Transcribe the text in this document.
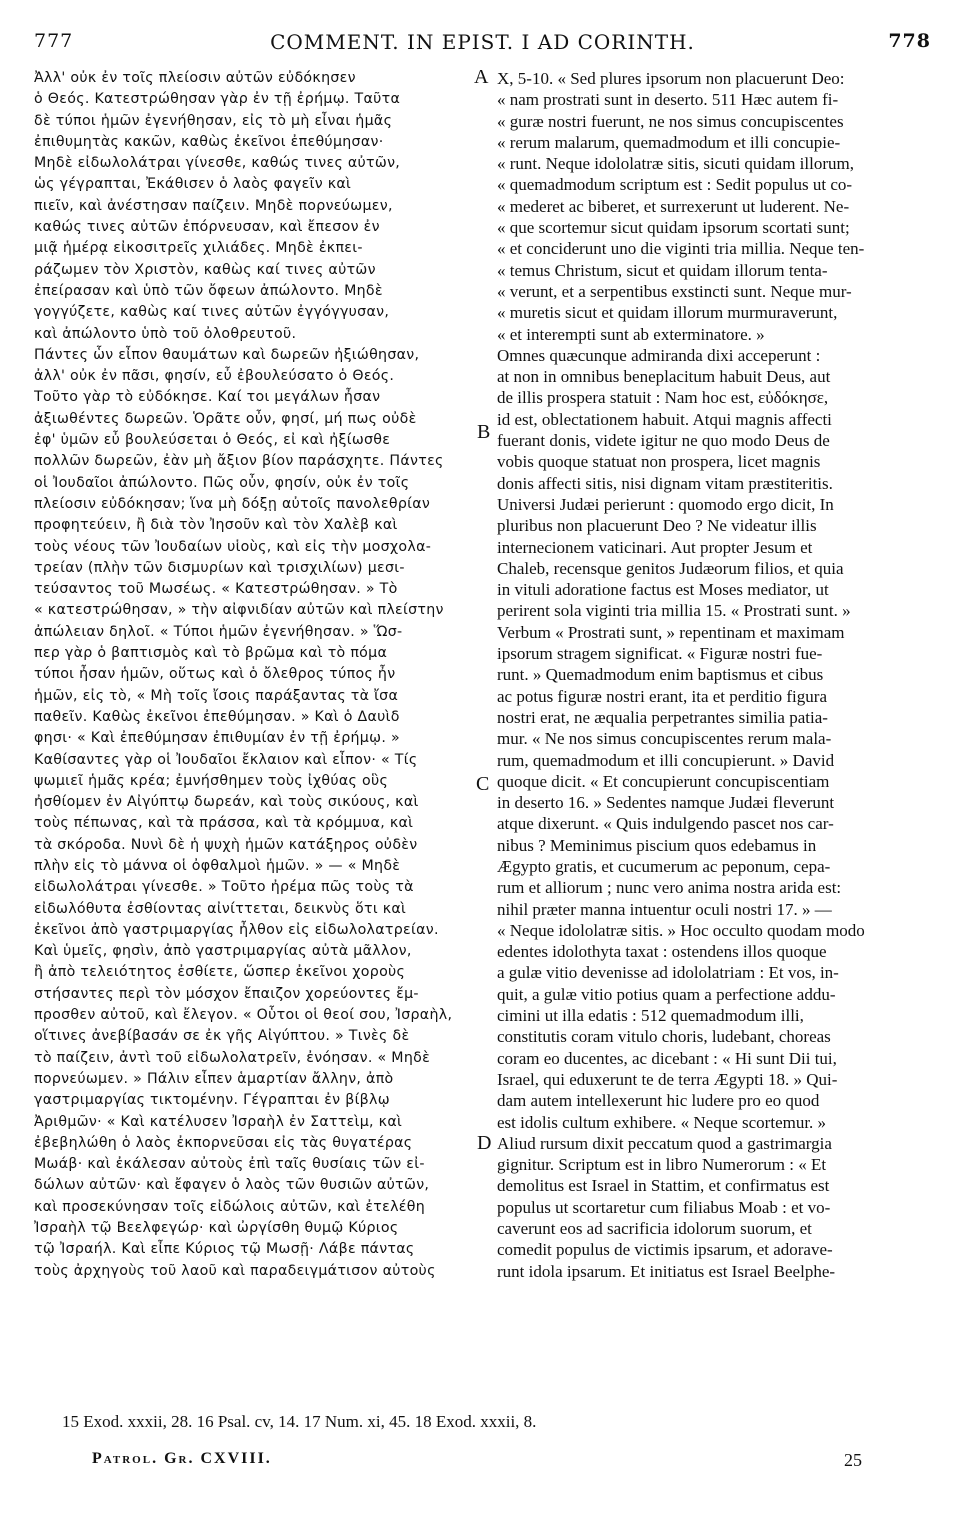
777	COMMENT. IN EPIST. I AD CORINTH.	778
Ἀλλ' οὐκ ἐν τοῖς πλείοσιν αὐτῶν εὐδόκησεν
ὁ Θεός. Κατεστρώθησαν γὰρ ἐν τῇ ἐρήμῳ. Ταῦτα
δὲ τύποι ἡμῶν ἐγενήθησαν, εἰς τὸ μὴ εἶναι ἡμᾶς
ἐπιθυμητὰς κακῶν, καθὼς ἐκεῖνοι ἐπεθύμησαν·
Μηδὲ εἰδωλολάτραι γίνεσθε, καθώς τινες αὐτῶν,
ὡς γέγραπται, Ἐκάθισεν ὁ λαὸς φαγεῖν καὶ
πιεῖν, καὶ ἀνέστησαν παίζειν. Μηδὲ πορνεύωμεν,
καθώς τινες αὐτῶν ἐπόρνευσαν, καὶ ἔπεσον ἐν
μιᾷ ἡμέρᾳ εἰκοσιτρεῖς χιλιάδες. Μηδὲ ἐκπει-
ράζωμεν τὸν Χριστὸν, καθὼς καί τινες αὐτῶν
ἐπείρασαν καὶ ὑπὸ τῶν ὄφεων ἀπώλοντο. Μηδὲ
γογγύζετε, καθὼς καί τινες αὐτῶν ἐγγόγγυσαν,
καὶ ἀπώλοντο ὑπὸ τοῦ ὀλοθρευτοῦ.
Πάντες ὧν εἶπον θαυμάτων καὶ δωρεῶν ἠξιώθησαν,
ἀλλ' οὐκ ἐν πᾶσι, φησίν, εὖ ἐβουλεύσατο ὁ Θεός.
Τοῦτο γὰρ τὸ εὐδόκησε. Καί τοι μεγάλων ἦσαν
ἀξιωθέντες δωρεῶν. Ὁρᾶτε οὖν, φησί, μή πως οὐδὲ
ἐφ' ὑμῶν εὖ βουλεύσεται ὁ Θεός, εἰ καὶ ἠξίωσθε
πολλῶν δωρεῶν, ἐὰν μὴ ἄξιον βίον παράσχητε. Πάντες
οἱ Ἰουδαῖοι ἀπώλοντο. Πῶς οὖν, φησίν, οὐκ ἐν τοῖς
πλείοσιν εὐδόκησαν; ἵνα μὴ δόξῃ αὐτοῖς πανολεθρίαν
προφητεύειν, ἢ διὰ τὸν Ἰησοῦν καὶ τὸν Χαλὲβ καὶ
τοὺς νέους τῶν Ἰουδαίων υἱοὺς, καὶ εἰς τὴν μοσχολα-
τρείαν (πλὴν τῶν δισμυρίων καὶ τρισχιλίων) μεσι-
τεύσαντος τοῦ Μωσέως. « Κατεστρώθησαν. » Τὸ
« κατεστρώθησαν, » τὴν αἰφνιδίαν αὐτῶν καὶ πλείστην
ἀπώλειαν δηλοῖ. « Τύποι ἡμῶν ἐγενήθησαν. » Ὥσ-
περ γὰρ ὁ βαπτισμὸς καὶ τὸ βρῶμα καὶ τὸ πόμα
τύποι ἦσαν ἡμῶν, οὕτως καὶ ὁ ὄλεθρος τύπος ἦν
ἡμῶν, εἰς τὸ, « Μὴ τοῖς ἴσοις παράξαντας τὰ ἴσα
παθεῖν. Καθὼς ἐκεῖνοι ἐπεθύμησαν. » Καὶ ὁ Δαυὶδ
φησι· « Καὶ ἐπεθύμησαν ἐπιθυμίαν ἐν τῇ ἐρήμῳ. »
Καθίσαντες γὰρ οἱ Ἰουδαῖοι ἔκλαιον καὶ εἶπον· « Τίς
ψωμιεῖ ἡμᾶς κρέα; ἐμνήσθημεν τοὺς ἰχθύας οὓς
ἠσθίομεν ἐν Αἰγύπτῳ δωρεάν, καὶ τοὺς σικύους, καὶ
τοὺς πέπωνας, καὶ τὰ πράσσα, καὶ τὰ κρόμμυα, καὶ
τὰ σκόροδα. Νυνὶ δὲ ἡ ψυχὴ ἡμῶν κατάξηρος οὐδὲν
πλὴν εἰς τὸ μάννα οἱ ὀφθαλμοὶ ἡμῶν. » — « Μηδὲ
εἰδωλολάτραι γίνεσθε. » Τοῦτο ἠρέμα πῶς τοὺς τὰ
εἰδωλόθυτα ἐσθίοντας αἰνίττεται, δεικνὺς ὅτι καὶ
ἐκεῖνοι ἀπὸ γαστριμαργίας ἦλθον εἰς εἰδωλολατρείαν.
Καὶ ὑμεῖς, φησὶν, ἀπὸ γαστριμαργίας αὐτὰ μᾶλλον,
ἢ ἀπὸ τελειότητος ἐσθίετε, ὥσπερ ἐκεῖνοι χοροὺς
στήσαντες περὶ τὸν μόσχον ἔπαιζον χορεύοντες ἔμ-
προσθεν αὐτοῦ, καὶ ἔλεγον. « Οὗτοι οἱ θεοί σου, Ἰσραὴλ,
οἵτινες ἀνεβίβασάν σε ἐκ γῆς Αἰγύπτου. » Τινὲς δὲ
τὸ παίζειν, ἀντὶ τοῦ εἰδωλολατρεῖν, ἐνόησαν. « Μηδὲ
πορνεύωμεν. » Πάλιν εἶπεν ἁμαρτίαν ἄλλην, ἀπὸ
γαστριμαργίας τικτομένην. Γέγραπται ἐν βίβλῳ
Ἀριθμῶν· « Καὶ κατέλυσεν Ἰσραὴλ ἐν Σαττεὶμ, καὶ
ἐβεβηλώθη ὁ λαὸς ἐκπορνεῦσαι εἰς τὰς θυγατέρας
Μωάβ· καὶ ἐκάλεσαν αὐτοὺς ἐπὶ ταῖς θυσίαις τῶν εἰ-
δώλων αὐτῶν· καὶ ἔφαγεν ὁ λαὸς τῶν θυσιῶν αὐτῶν,
καὶ προσεκύνησαν τοῖς εἰδώλοις αὐτῶν, καὶ ἐτελέθη
Ἰσραὴλ τῷ Βεελφεγώρ· καὶ ὠργίσθη θυμῷ Κύριος
τῷ Ἰσραήλ. Καὶ εἶπε Κύριος τῷ Μωσῇ· Λάβε πάντας
τοὺς ἀρχηγοὺς τοῦ λαοῦ καὶ παραδειγμάτισον αὐτοὺς
X, 5-10. « Sed plures ipsorum non placuerunt Deo:
« nam prostrati sunt in deserto. 511 Hæc autem fi-
« guræ nostri fuerunt, ne nos simus concupiscentes
« rerum malarum, quemadmodum et illi concupie-
« runt. Neque idololatræ sitis, sicuti quidam illorum,
« quemadmodum scriptum est : Sedit populus ut co-
« mederet ac biberet, et surrexerunt ut luderent. Ne-
« que scortemur sicut quidam ipsorum scortati sunt;
« et conciderunt uno die viginti tria millia. Neque ten-
« temus Christum, sicut et quidam illorum tenta-
« verunt, et a serpentibus exstincti sunt. Neque mur-
« muretis sicut et quidam illorum murmuraverunt,
« et interempti sunt ab exterminatore. »
Omnes quæcunque admiranda dixi acceperunt :
at non in omnibus beneplacitum habuit Deus, aut
de illis prospera statuit : Nam hoc est, εὐδόκησε,
id est, oblectationem habuit. Atqui magnis affecti
fuerant donis, videte igitur ne quo modo Deus de
vobis quoque statuat non prospera, licet magnis
donis affecti sitis, nisi dignam vitam præstiteritis.
Universi Judæi perierunt : quomodo ergo dicit, In
pluribus non placuerunt Deo ? Ne videatur illis
internecionem vaticinari. Aut propter Jesum et
Chaleb, recensque genitos Judæorum filios, et quia
in vituli adoratione factus est Moses mediator, ut
perirent sola viginti tria millia 15. « Prostrati sunt. »
Verbum « Prostrati sunt, » repentinam et maximam
ipsorum stragem significat. « Figuræ nostri fue-
runt. » Quemadmodum enim baptismus et cibus
ac potus figuræ nostri erant, ita et perditio figura
nostri erat, ne æqualia perpetrantes similia patia-
mur. « Ne nos simus concupiscentes rerum mala-
rum, quemadmodum et illi concupierunt. » David
quoque dicit. « Et concupierunt concupiscentiam
in deserto 16. » Sedentes namque Judæi fleverunt
atque dixerunt. « Quis indulgendo pascet nos car-
nibus ? Meminimus piscium quos edebamus in
Ægypto gratis, et cucumerum ac peponum, cepa-
rum et alliorum ; nunc vero anima nostra arida est:
nihil præter manna intuentur oculi nostri 17. » —
« Neque idololatræ sitis. » Hoc occulto quodam modo
edentes idolothyta taxat : ostendens illos quoque
a gulæ vitio devenisse ad idololatriam : Et vos, in-
quit, a gulæ vitio potius quam a perfectione addu-
cimini ut illa edatis : 512 quemadmodum illi,
constitutis coram vitulo choris, ludebant, choreas
coram eo ducentes, ac dicebant : « Hi sunt Dii tui,
Israel, qui eduxerunt te de terra Ægypti 18. » Qui-
dam autem intellexerunt hic ludere pro eo quod
est idolis cultum exhibere. « Neque scortemur. »
Aliud rursum dixit peccatum quod a gastrimargia
gignitur. Scriptum est in libro Numerorum : « Et
demolitus est Israel in Stattim, et confirmatus est
populus ut scortaretur cum filiabus Moab : et vo-
caverunt eos ad sacrificia idolorum suorum, et
comedit populus de victimis ipsarum, et adorave-
runt idola ipsarum. Et initiatus est Israel Beelphe-
A
B
C
D
15 Exod. xxxii, 28. 16 Psal. cv, 14. 17 Num. xi, 45. 18 Exod. xxxii, 8.
Patrol. Gr. CXVIII.	25
